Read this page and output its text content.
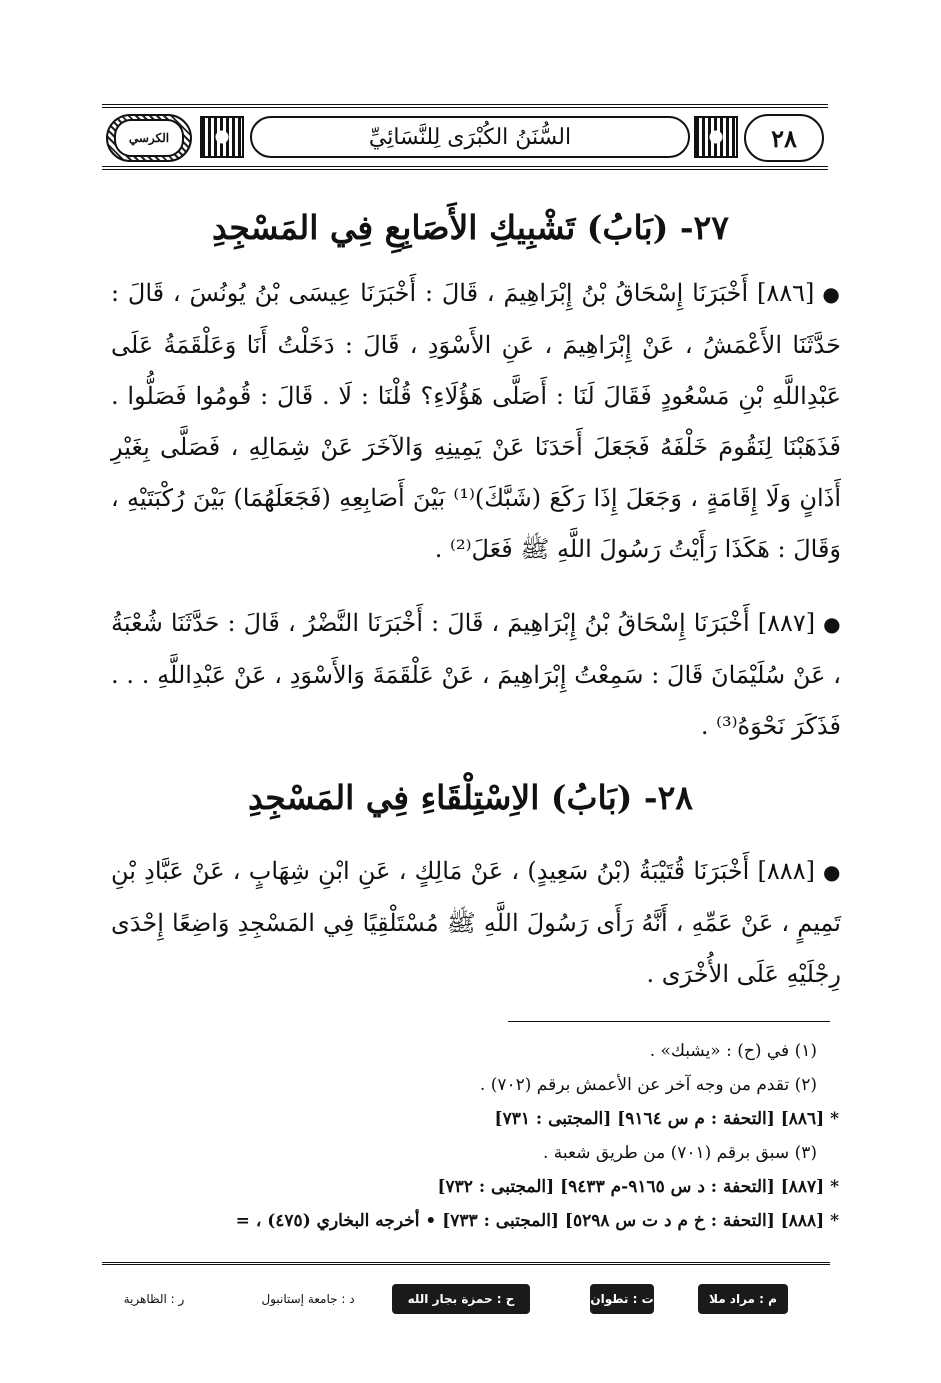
الكرسي	السُّنَنُ الكُبْرَى لِلنَّسَائِيِّ	٢٨
٢٧- (بَابُ) تَشْبِيكِ الأَصَابِعِ فِي المَسْجِدِ
●[٨٨٦] أَخْبَرَنَا إِسْحَاقُ بْنُ إِبْرَاهِيمَ ، قَالَ : أَخْبَرَنَا عِيسَى بْنُ يُونُسَ ، قَالَ : حَدَّثَنَا الأَعْمَشُ ، عَنْ إِبْرَاهِيمَ ، عَنِ الأَسْوَدِ ، قَالَ : دَخَلْتُ أَنَا وَعَلْقَمَةُ عَلَى عَبْدِاللَّهِ بْنِ مَسْعُودٍ فَقَالَ لَنَا : أَصَلَّى هَؤُلَاءِ؟ قُلْنَا : لَا . قَالَ : قُومُوا فَصَلُّوا . فَذَهَبْنَا لِنَقُومَ خَلْفَهُ فَجَعَلَ أَحَدَنَا عَنْ يَمِينِهِ وَالآخَرَ عَنْ شِمَالِهِ ، فَصَلَّى بِغَيْرِ أَذَانٍ وَلَا إِقَامَةٍ ، وَجَعَلَ إِذَا رَكَعَ (شَبَّكَ)⁽¹⁾ بَيْنَ أَصَابِعِهِ (فَجَعَلَهُمَا) بَيْنَ رُكْبَتَيْهِ ، وَقَالَ : هَكَذَا رَأَيْتُ رَسُولَ اللَّهِ ﷺ فَعَلَ⁽²⁾ .
●[٨٨٧] أَخْبَرَنَا إِسْحَاقُ بْنُ إِبْرَاهِيمَ ، قَالَ : أَخْبَرَنَا النَّضْرُ ، قَالَ : حَدَّثَنَا شُعْبَةُ ، عَنْ سُلَيْمَانَ قَالَ : سَمِعْتُ إِبْرَاهِيمَ ، عَنْ عَلْقَمَةَ وَالأَسْوَدِ ، عَنْ عَبْدِاللَّهِ . . . فَذَكَرَ نَحْوَهُ⁽³⁾ .
٢٨- (بَابُ) الاِسْتِلْقَاءِ فِي المَسْجِدِ
●[٨٨٨] أَخْبَرَنَا قُتَيْبَةُ (بْنُ سَعِيدٍ) ، عَنْ مَالِكٍ ، عَنِ ابْنِ شِهَابٍ ، عَنْ عَبَّادِ بْنِ تَمِيمٍ ، عَنْ عَمِّهِ ، أَنَّهُ رَأَى رَسُولَ اللَّهِ ﷺ مُسْتَلْقِيًا فِي المَسْجِدِ وَاضِعًا إِحْدَى رِجْلَيْهِ عَلَى الأُخْرَى .
(١) في (ح) : «يشبك» .
(٢) تقدم من وجه آخر عن الأعمش برقم (٧٠٢) .
* [٨٨٦] [التحفة : م س ٩١٦٤] [المجتبى : ٧٣١]
(٣) سبق برقم (٧٠١) من طريق شعبة .
* [٨٨٧] [التحفة : د س ٩١٦٥-م ٩٤٣٣] [المجتبى : ٧٣٢]
* [٨٨٨] [التحفة : خ م د ت س ٥٢٩٨] [المجتبى : ٧٣٣] • أخرجه البخاري (٤٧٥) ، =
م : مراد ملا
ت : تطوان
ح : حمزة بجار الله
د : جامعة إستانبول
ر : الظاهرية
